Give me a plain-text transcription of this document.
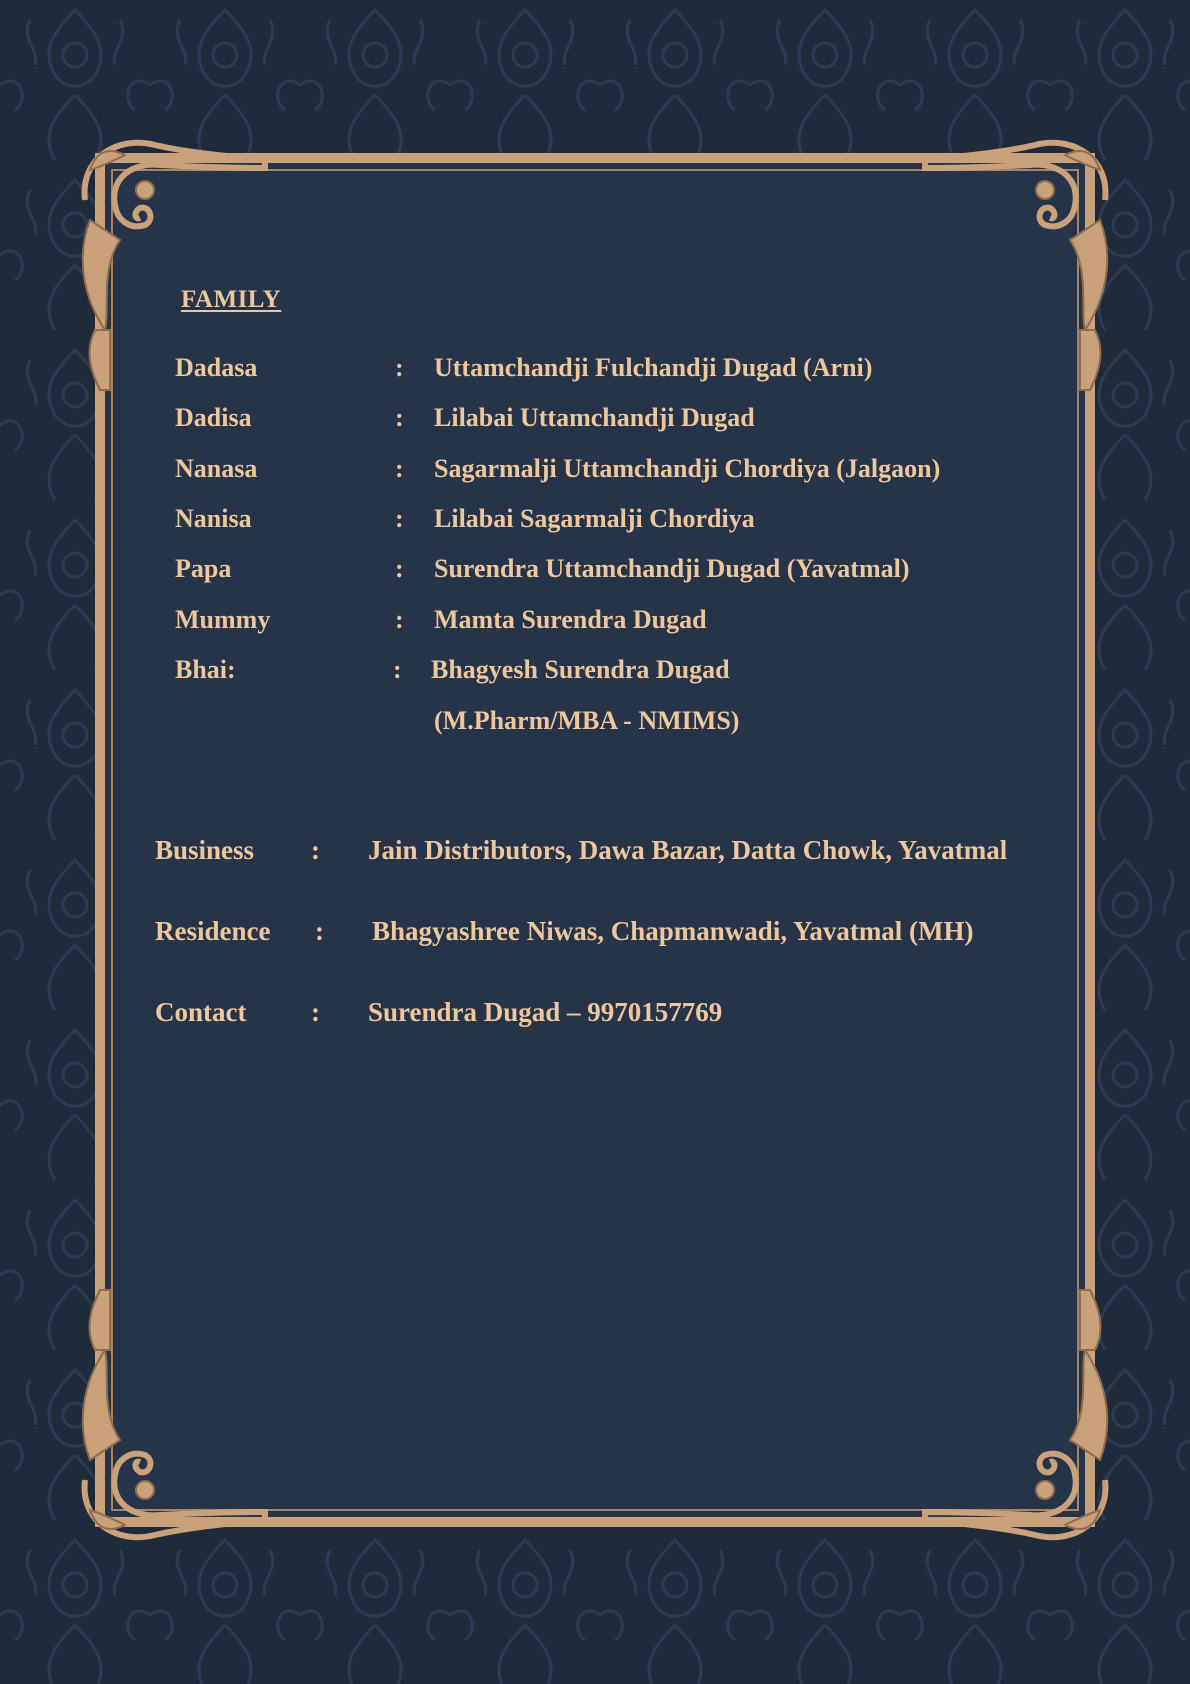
FAMILY
Dadasa	: Uttamchandji Fulchandji Dugad (Arni)
Dadisa	: Lilabai Uttamchandji Dugad
Nanasa	: Sagarmalji Uttamchandji Chordiya (Jalgaon)
Nanisa	: Lilabai Sagarmalji Chordiya
Papa	: Surendra Uttamchandji Dugad (Yavatmal)
Mummy	: Mamta Surendra Dugad
Bhai:	: Bhagyesh Surendra Dugad
(M.Pharm/MBA - NMIMS)
Business : Jain Distributors, Dawa Bazar, Datta Chowk, Yavatmal
Residence : Bhagyashree Niwas, Chapmanwadi, Yavatmal (MH)
Contact : Surendra Dugad – 9970157769
